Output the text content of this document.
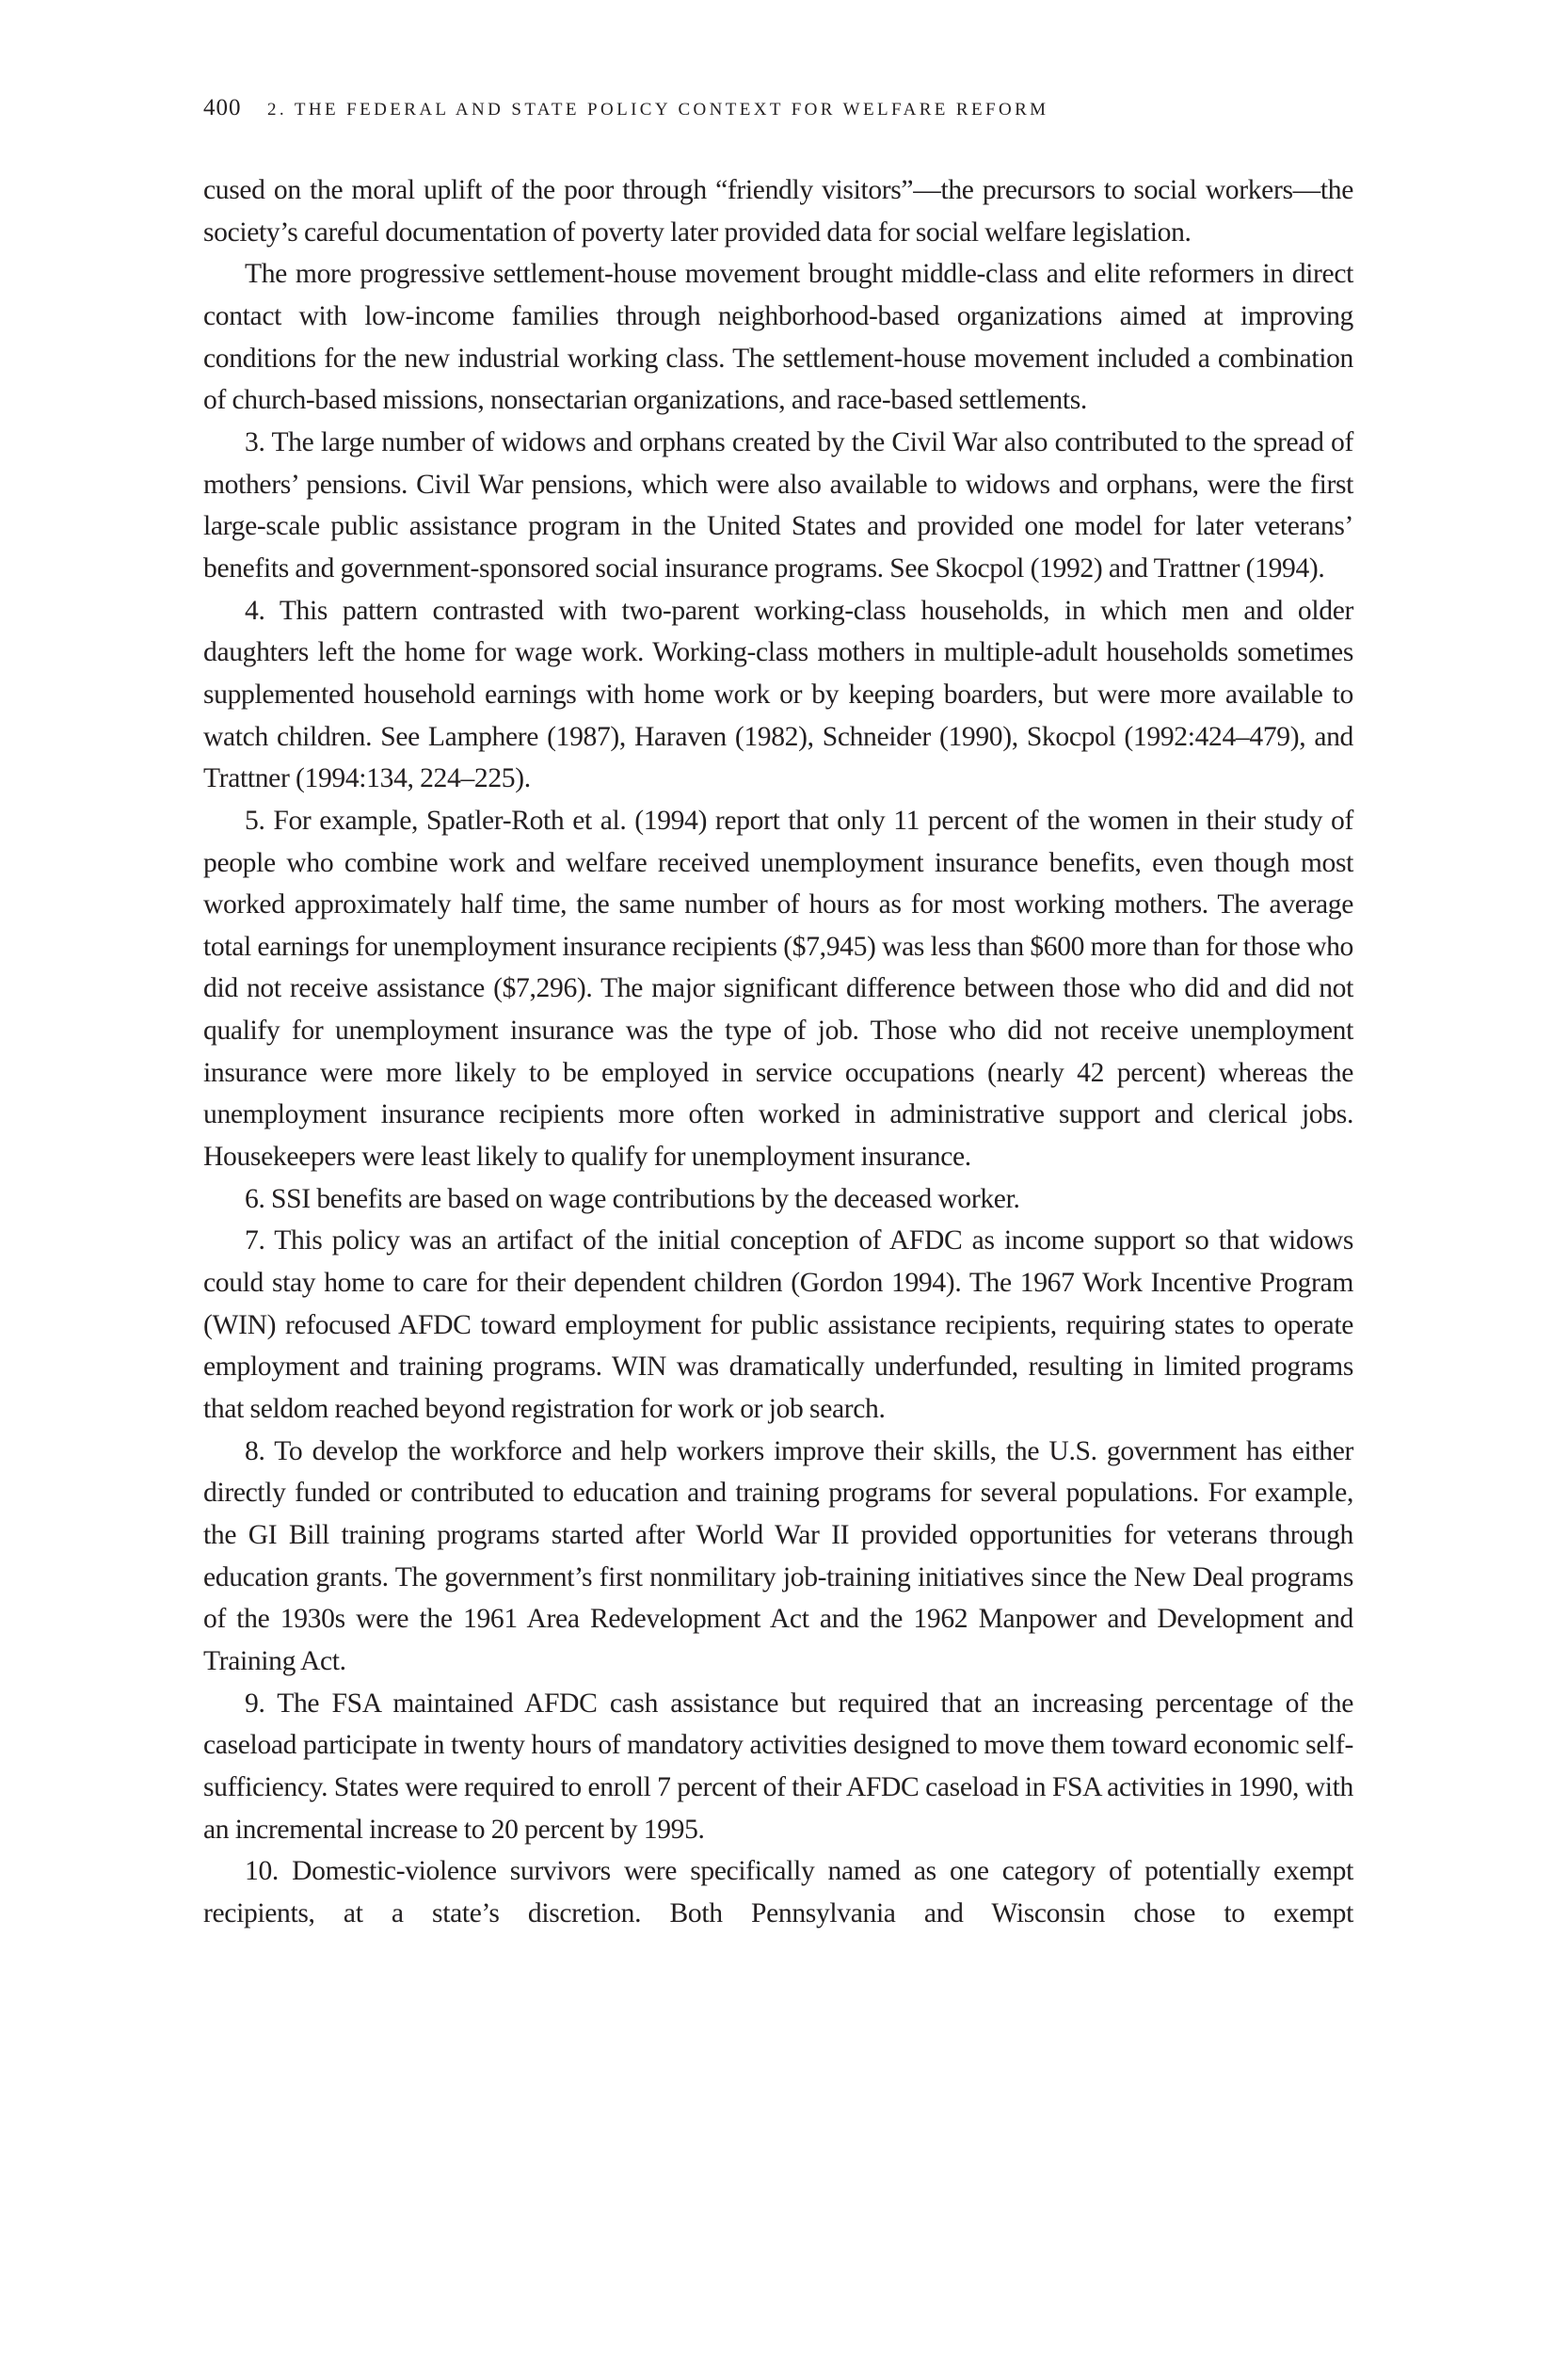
400 2. THE FEDERAL AND STATE POLICY CONTEXT FOR WELFARE REFORM

cused on the moral uplift of the poor through “friendly visitors”—the precursors to social workers—the society’s careful documentation of poverty later provided data for social welfare legislation.

The more progressive settlement-house movement brought middle-class and elite reformers in direct contact with low-income families through neighborhood-based organizations aimed at improving conditions for the new industrial working class. The settlement-house movement included a combination of church-based missions, nonsectarian organizations, and race-based settlements.

3. The large number of widows and orphans created by the Civil War also contributed to the spread of mothers’ pensions. Civil War pensions, which were also available to widows and orphans, were the first large-scale public assistance program in the United States and provided one model for later veterans’ benefits and government-sponsored social insurance programs. See Skocpol (1992) and Trattner (1994).

4. This pattern contrasted with two-parent working-class households, in which men and older daughters left the home for wage work. Working-class mothers in multiple-adult households sometimes supplemented household earnings with home work or by keeping boarders, but were more available to watch children. See Lamphere (1987), Haraven (1982), Schneider (1990), Skocpol (1992:424–479), and Trattner (1994:134, 224–225).

5. For example, Spatler-Roth et al. (1994) report that only 11 percent of the women in their study of people who combine work and welfare received unemployment insurance benefits, even though most worked approximately half time, the same number of hours as for most working mothers. The average total earnings for unemployment insurance recipients ($7,945) was less than $600 more than for those who did not receive assistance ($7,296). The major significant difference between those who did and did not qualify for unemployment insurance was the type of job. Those who did not receive unemployment insurance were more likely to be employed in service occupations (nearly 42 percent) whereas the unemployment insurance recipients more often worked in administrative support and clerical jobs. Housekeepers were least likely to qualify for unemployment insurance.

6. SSI benefits are based on wage contributions by the deceased worker.

7. This policy was an artifact of the initial conception of AFDC as income support so that widows could stay home to care for their dependent children (Gordon 1994). The 1967 Work Incentive Program (WIN) refocused AFDC toward employment for public assistance recipients, requiring states to operate employment and training programs. WIN was dramatically underfunded, resulting in limited programs that seldom reached beyond registration for work or job search.

8. To develop the workforce and help workers improve their skills, the U.S. government has either directly funded or contributed to education and training programs for several populations. For example, the GI Bill training programs started after World War II provided opportunities for veterans through education grants. The government’s first nonmilitary job-training initiatives since the New Deal programs of the 1930s were the 1961 Area Redevelopment Act and the 1962 Manpower and Development and Training Act.

9. The FSA maintained AFDC cash assistance but required that an increasing percentage of the caseload participate in twenty hours of mandatory activities designed to move them toward economic self-sufficiency. States were required to enroll 7 percent of their AFDC caseload in FSA activities in 1990, with an incremental increase to 20 percent by 1995.

10. Domestic-violence survivors were specifically named as one category of potentially exempt recipients, at a state’s discretion. Both Pennsylvania and Wisconsin chose to exempt
